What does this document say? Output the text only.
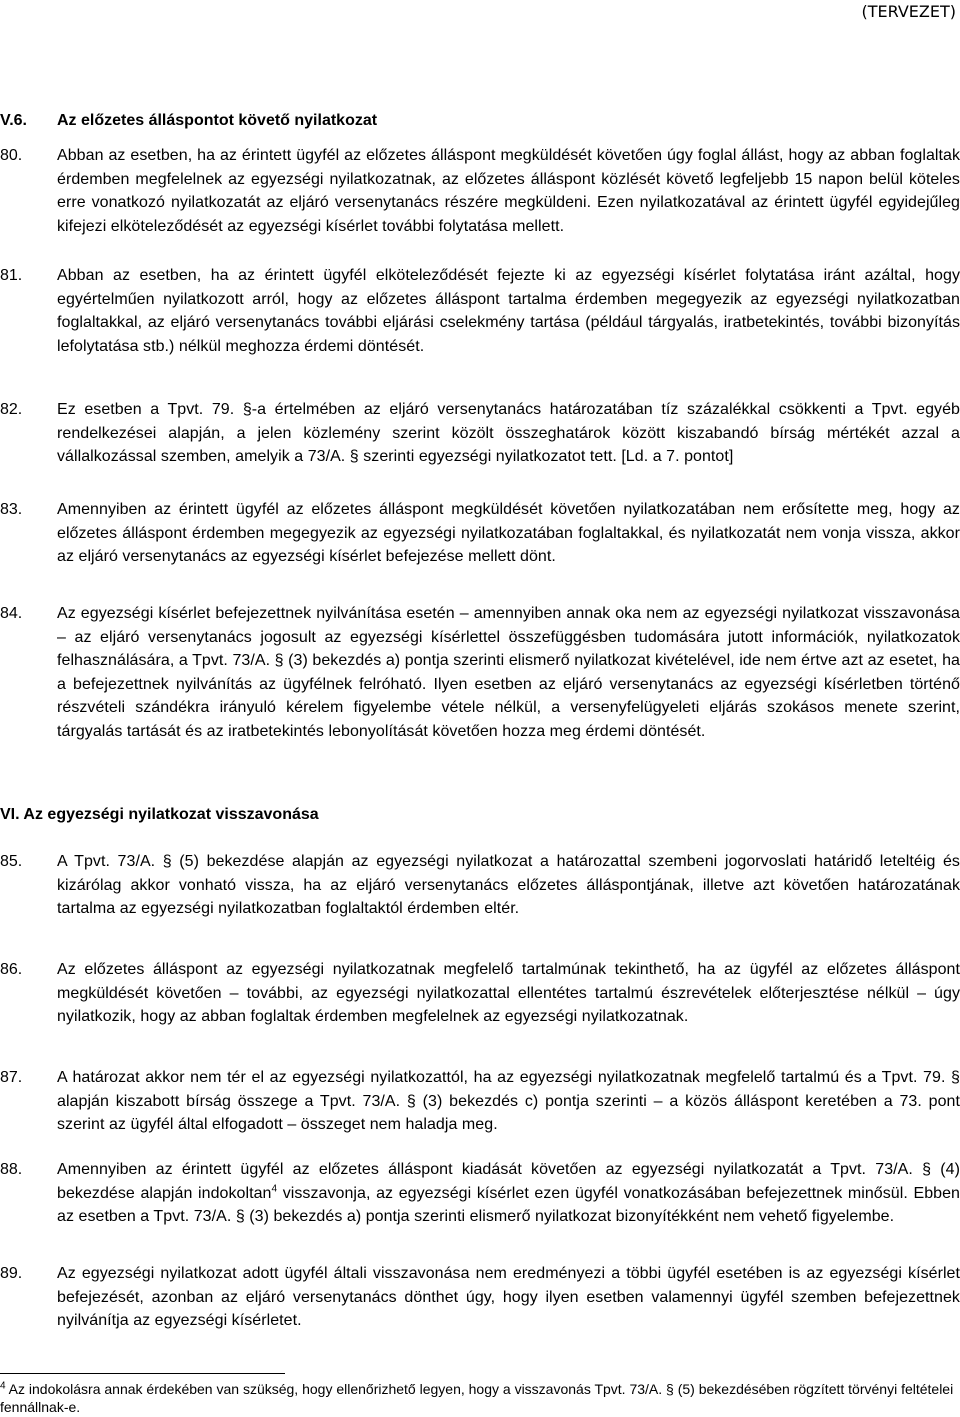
(TERVEZET)
V.6. Az előzetes álláspontot követő nyilatkozat
80. Abban az esetben, ha az érintett ügyfél az előzetes álláspont megküldését követően úgy foglal állást, hogy az abban foglaltak érdemben megfelelnek az egyezségi nyilatkozatnak, az előzetes álláspont közlését követő legfeljebb 15 napon belül köteles erre vonatkozó nyilatkozatát az eljáró versenytanács részére megküldeni. Ezen nyilatkozatával az érintett ügyfél egyidejűleg kifejezi elköteleződését az egyezségi kísérlet további folytatása mellett.
81. Abban az esetben, ha az érintett ügyfél elköteleződését fejezte ki az egyezségi kísérlet folytatása iránt azáltal, hogy egyértelműen nyilatkozott arról, hogy az előzetes álláspont tartalma érdemben megegyezik az egyezségi nyilatkozatban foglaltakkal, az eljáró versenytanács további eljárási cselekmény tartása (például tárgyalás, iratbetekintés, további bizonyítás lefolytatása stb.) nélkül meghozza érdemi döntését.
82. Ez esetben a Tpvt. 79. §-a értelmében az eljáró versenytanács határozatában tíz százalékkal csökkenti a Tpvt. egyéb rendelkezései alapján, a jelen közlemény szerint közölt összeghatárok között kiszabandó bírság mértékét azzal a vállalkozással szemben, amelyik a 73/A. § szerinti egyezségi nyilatkozatot tett. [Ld. a 7. pontot]
83. Amennyiben az érintett ügyfél az előzetes álláspont megküldését követően nyilatkozatában nem erősítette meg, hogy az előzetes álláspont érdemben megegyezik az egyezségi nyilatkozatában foglaltakkal, és nyilatkozatát nem vonja vissza, akkor az eljáró versenytanács az egyezségi kísérlet befejezése mellett dönt.
84. Az egyezségi kísérlet befejezettnek nyilvánítása esetén – amennyiben annak oka nem az egyezségi nyilatkozat visszavonása – az eljáró versenytanács jogosult az egyezségi kísérlettel összefüggésben tudomására jutott információk, nyilatkozatok felhasználására, a Tpvt. 73/A. § (3) bekezdés a) pontja szerinti elismerő nyilatkozat kivételével, ide nem értve azt az esetet, ha a befejezettnek nyilvánítás az ügyfélnek felróható. Ilyen esetben az eljáró versenytanács az egyezségi kísérletben történő részvételi szándékra irányuló kérelem figyelembe vétele nélkül, a versenyfelügyeleti eljárás szokásos menete szerint, tárgyalás tartását és az iratbetekintés lebonyolítását követően hozza meg érdemi döntését.
VI. Az egyezségi nyilatkozat visszavonása
85. A Tpvt. 73/A. § (5) bekezdése alapján az egyezségi nyilatkozat a határozattal szembeni jogorvoslati határidő leteltéig és kizárólag akkor vonható vissza, ha az eljáró versenytanács előzetes álláspontjának, illetve azt követően határozatának tartalma az egyezségi nyilatkozatban foglaltaktól érdemben eltér.
86. Az előzetes álláspont az egyezségi nyilatkozatnak megfelelő tartalmúnak tekinthető, ha az ügyfél az előzetes álláspont megküldését követően – további, az egyezségi nyilatkozattal ellentétes tartalmú észrevételek előterjesztése nélkül – úgy nyilatkozik, hogy az abban foglaltak érdemben megfelelnek az egyezségi nyilatkozatnak.
87. A határozat akkor nem tér el az egyezségi nyilatkozattól, ha az egyezségi nyilatkozatnak megfelelő tartalmú és a Tpvt. 79. § alapján kiszabott bírság összege a Tpvt. 73/A. § (3) bekezdés c) pontja szerinti – a közös álláspont keretében a 73. pont szerint az ügyfél által elfogadott – összeget nem haladja meg.
88. Amennyiben az érintett ügyfél az előzetes álláspont kiadását követően az egyezségi nyilatkozatát a Tpvt. 73/A. § (4) bekezdése alapján indokoltan$^4$ visszavonja, az egyezségi kísérlet ezen ügyfél vonatkozásában befejezettnek minősül. Ebben az esetben a Tpvt. 73/A. § (3) bekezdés a) pontja szerinti elismerő nyilatkozat bizonyítékként nem vehető figyelembe.
89. Az egyezségi nyilatkozat adott ügyfél általi visszavonása nem eredményezi a többi ügyfél esetében is az egyezségi kísérlet befejezését, azonban az eljáró versenytanács dönthet úgy, hogy ilyen esetben valamennyi ügyfél szemben befejezettnek nyilvánítja az egyezségi kísérletet.
$^4$ Az indokolásra annak érdekében van szükség, hogy ellenőrizhető legyen, hogy a visszavonás Tpvt. 73/A. § (5) bekezdésében rögzített törvényi feltételei fennállnak-e.
